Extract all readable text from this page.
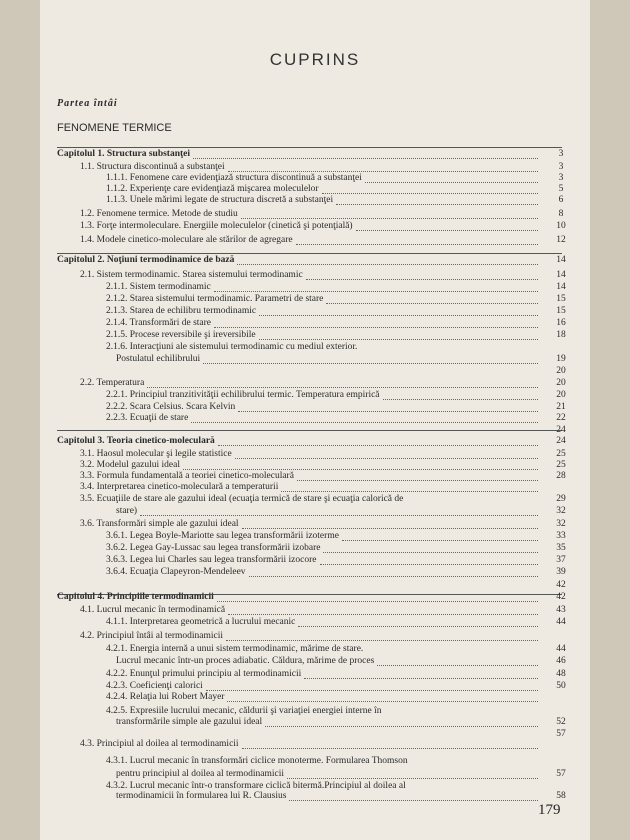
CUPRINS
Partea întâi
FENOMENE TERMICE
Capitolul 1. Structura substanţei	3
1.1. Structura discontinuă a substanţei	3
1.1.1. Fenomene care evidenţiază structura discontinuă a substanţei	3
1.1.2. Experienţe care evidenţiază mişcarea moleculelor	5
1.1.3. Unele mărimi legate de structura discretă a substanţei	6
1.2. Fenomene termice. Metode de studiu	8
1.3. Forţe intermoleculare. Energiile moleculelor (cinetică şi potenţială)	10
1.4. Modele cinetico-moleculare ale stărilor de agregare	12
Capitolul 2. Noţiuni termodinamice de bază	14
2.1. Sistem termodinamic. Starea sistemului termodinamic	14
2.1.1. Sistem termodinamic	14
2.1.2. Starea sistemului termodinamic. Parametri de stare	15
2.1.3. Starea de echilibru termodinamic	15
2.1.4. Transformări de stare	16
2.1.5. Procese reversibile şi ireversibile	18
2.1.6. Interacţiuni ale sistemului termodinamic cu mediul exterior.
Postulatul echilibrului	19
20
2.2. Temperatura	20
2.2.1. Principiul tranzitivităţii echilibrului termic. Temperatura empirică	20
2.2.2. Scara Celsius. Scara Kelvin	21
2.2.3. Ecuaţii de stare	22
24
Capitolul 3. Teoria cinetico-moleculară	24
3.1. Haosul molecular şi legile statistice	25
3.2. Modelul gazului ideal	25
3.3. Formula fundamentală a teoriei cinetico-moleculară	28
3.4. Interpretarea cinetico-moleculară a temperaturii
3.5. Ecuaţiile de stare ale gazului ideal (ecuaţia termică de stare şi ecuaţia calorică de	29
stare)	32
3.6. Transformări simple ale gazului ideal	32
3.6.1. Legea Boyle-Mariotte sau legea transformării izoterme	33
3.6.2. Legea Gay-Lussac sau legea transformării izobare	35
3.6.3. Legea lui Charles sau legea transformării izocore	37
3.6.4. Ecuaţia Clapeyron-Mendeleev	39
42
Capitolul 4. Principiile termodinamicii	42
4.1. Lucrul mecanic în termodinamică	43
4.1.1. Interpretarea geometrică a lucrului mecanic	44
4.2. Principiul întâi al termodinamicii
4.2.1. Energia internă a unui sistem termodinamic, mărime de stare.	44
Lucrul mecanic într-un proces adiabatic. Căldura, mărime de proces	46
4.2.2. Enunţul primului principiu al termodinamicii	48
4.2.3. Coeficienţi calorici	50
4.2.4. Relaţia lui Robert Mayer
4.2.5. Expresiile lucrului mecanic, căldurii şi variaţiei energiei interne în
transformările simple ale gazului ideal	52
57
4.3. Principiul al doilea al termodinamicii
4.3.1. Lucrul mecanic în transformări ciclice monoterme. Formularea Thomson
pentru principiul al doilea al termodinamicii	57
4.3.2. Lucrul mecanic într-o transformare ciclică bitermă.Principiul al doilea al
termodinamicii în formularea lui R. Clausius	58
179
